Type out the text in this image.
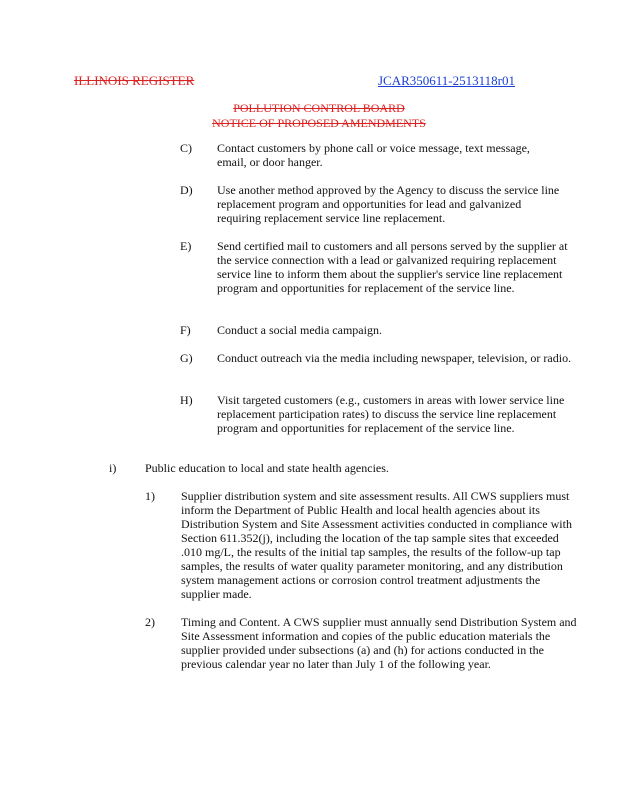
ILLINOIS REGISTER	JCAR350611-2513118r01
POLLUTION CONTROL BOARD
NOTICE OF PROPOSED AMENDMENTS
C) Contact customers by phone call or voice message, text message, email, or door hanger.
D) Use another method approved by the Agency to discuss the service line replacement program and opportunities for lead and galvanized requiring replacement service line replacement.
E) Send certified mail to customers and all persons served by the supplier at the service connection with a lead or galvanized requiring replacement service line to inform them about the supplier's service line replacement program and opportunities for replacement of the service line.
F) Conduct a social media campaign.
G) Conduct outreach via the media including newspaper, television, or radio.
H) Visit targeted customers (e.g., customers in areas with lower service line replacement participation rates) to discuss the service line replacement program and opportunities for replacement of the service line.
i) Public education to local and state health agencies.
1) Supplier distribution system and site assessment results. All CWS suppliers must inform the Department of Public Health and local health agencies about its Distribution System and Site Assessment activities conducted in compliance with Section 611.352(j), including the location of the tap sample sites that exceeded .010 mg/L, the results of the initial tap samples, the results of the follow-up tap samples, the results of water quality parameter monitoring, and any distribution system management actions or corrosion control treatment adjustments the supplier made.
2) Timing and Content. A CWS supplier must annually send Distribution System and Site Assessment information and copies of the public education materials the supplier provided under subsections (a) and (h) for actions conducted in the previous calendar year no later than July 1 of the following year.
